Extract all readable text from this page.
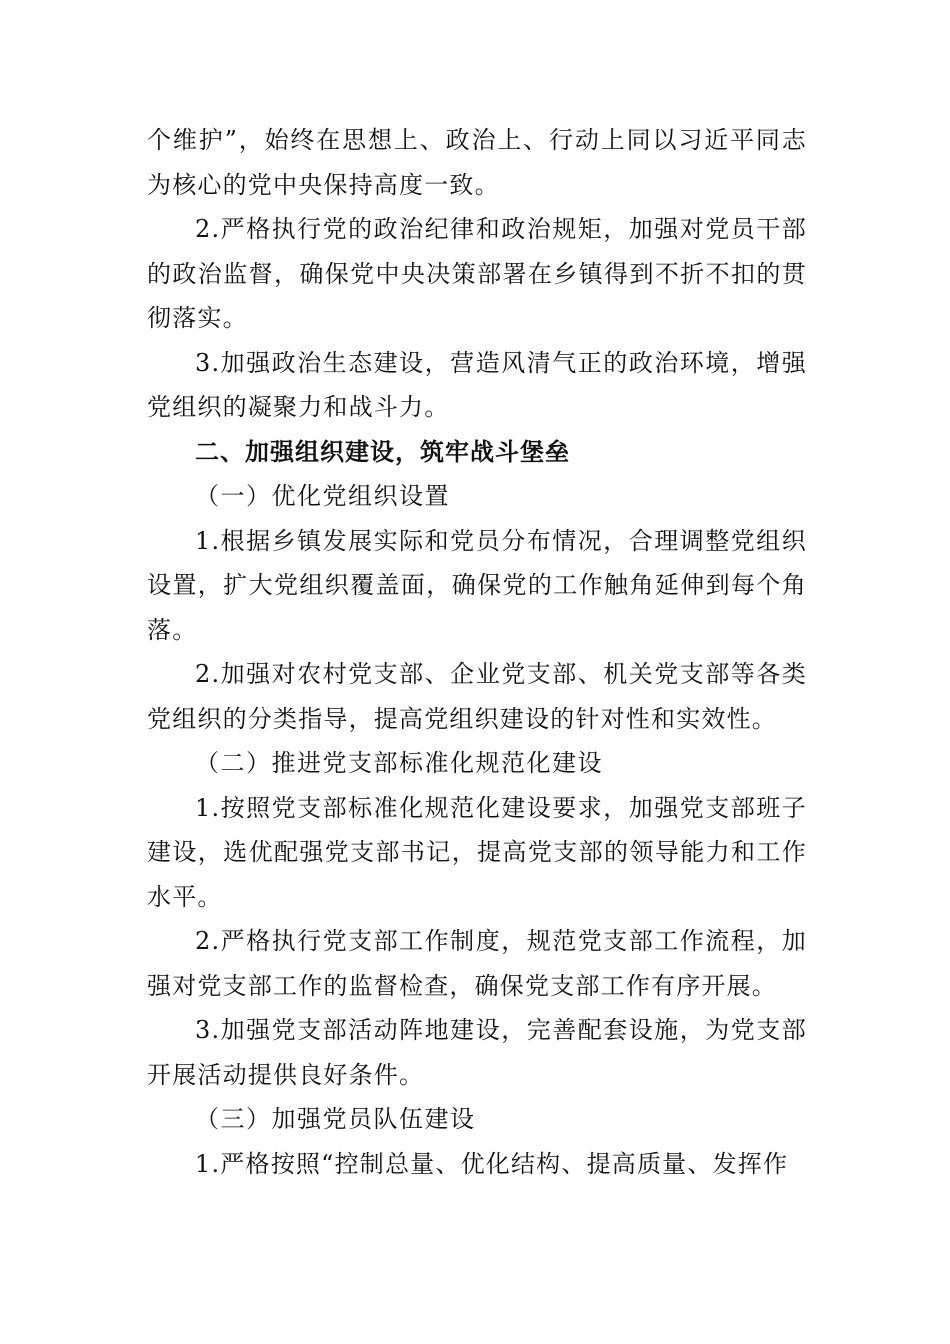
个维护”，始终在思想上、政治上、行动上同以习近平同志为核心的党中央保持高度一致。

2.严格执行党的政治纪律和政治规矩，加强对党员干部的政治监督，确保党中央决策部署在乡镇得到不折不扣的贯彻落实。

3.加强政治生态建设，营造风清气正的政治环境，增强党组织的凝聚力和战斗力。

二、加强组织建设，筑牢战斗堡垒

（一）优化党组织设置

1.根据乡镇发展实际和党员分布情况，合理调整党组织设置，扩大党组织覆盖面，确保党的工作触角延伸到每个角落。

2.加强对农村党支部、企业党支部、机关党支部等各类党组织的分类指导，提高党组织建设的针对性和实效性。

（二）推进党支部标准化规范化建设

1.按照党支部标准化规范化建设要求，加强党支部班子建设，选优配强党支部书记，提高党支部的领导能力和工作水平。

2.严格执行党支部工作制度，规范党支部工作流程，加强对党支部工作的监督检查，确保党支部工作有序开展。

3.加强党支部活动阵地建设，完善配套设施，为党支部开展活动提供良好条件。

（三）加强党员队伍建设

1.严格按照“控制总量、优化结构、提高质量、发挥作
